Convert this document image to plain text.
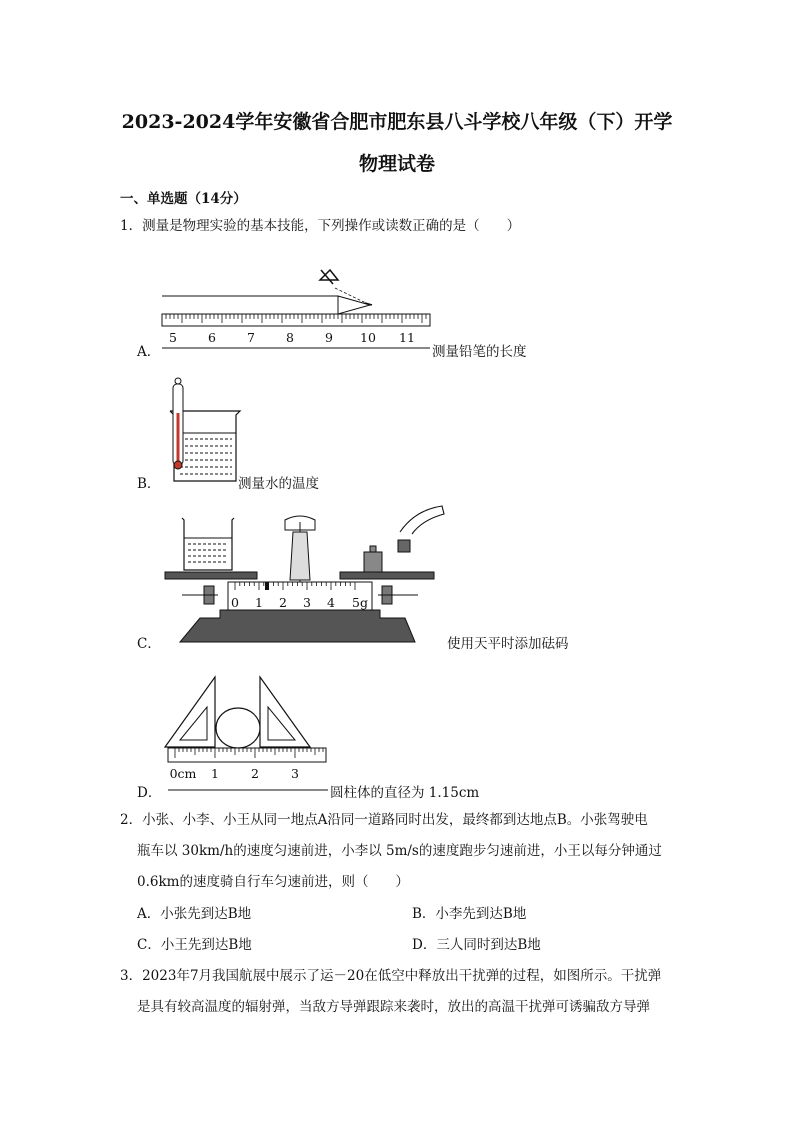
2023-2024学年安徽省合肥市肥东县八斗学校八年级（下）开学
物理试卷
一、单选题（14分）
1．测量是物理实验的基本技能，下列操作或读数正确的是（　　）
A．
5 6 7 8 9 10 11
测量铅笔的长度
B．	测量水的温度
C．
0 1 2 3 4 5g
使用天平时添加砝码
D．
0cm 1	2	3
圆柱体的直径为 1.15cm
2．小张、小李、小王从同一地点A沿同一道路同时出发，最终都到达地点B。小张驾驶电
瓶车以 30km/h的速度匀速前进，小李以 5m/s的速度跑步匀速前进，小王以每分钟通过
0.6km的速度骑自行车匀速前进，则（　　）
A．小张先到达B地	B．小李先到达B地
C．小王先到达B地	D．三人同时到达B地
3．2023年7月我国航展中展示了运－20在低空中释放出干扰弹的过程，如图所示。干扰弹
是具有较高温度的辐射弹，当敌方导弹跟踪来袭时，放出的高温干扰弹可诱骗敌方导弹
